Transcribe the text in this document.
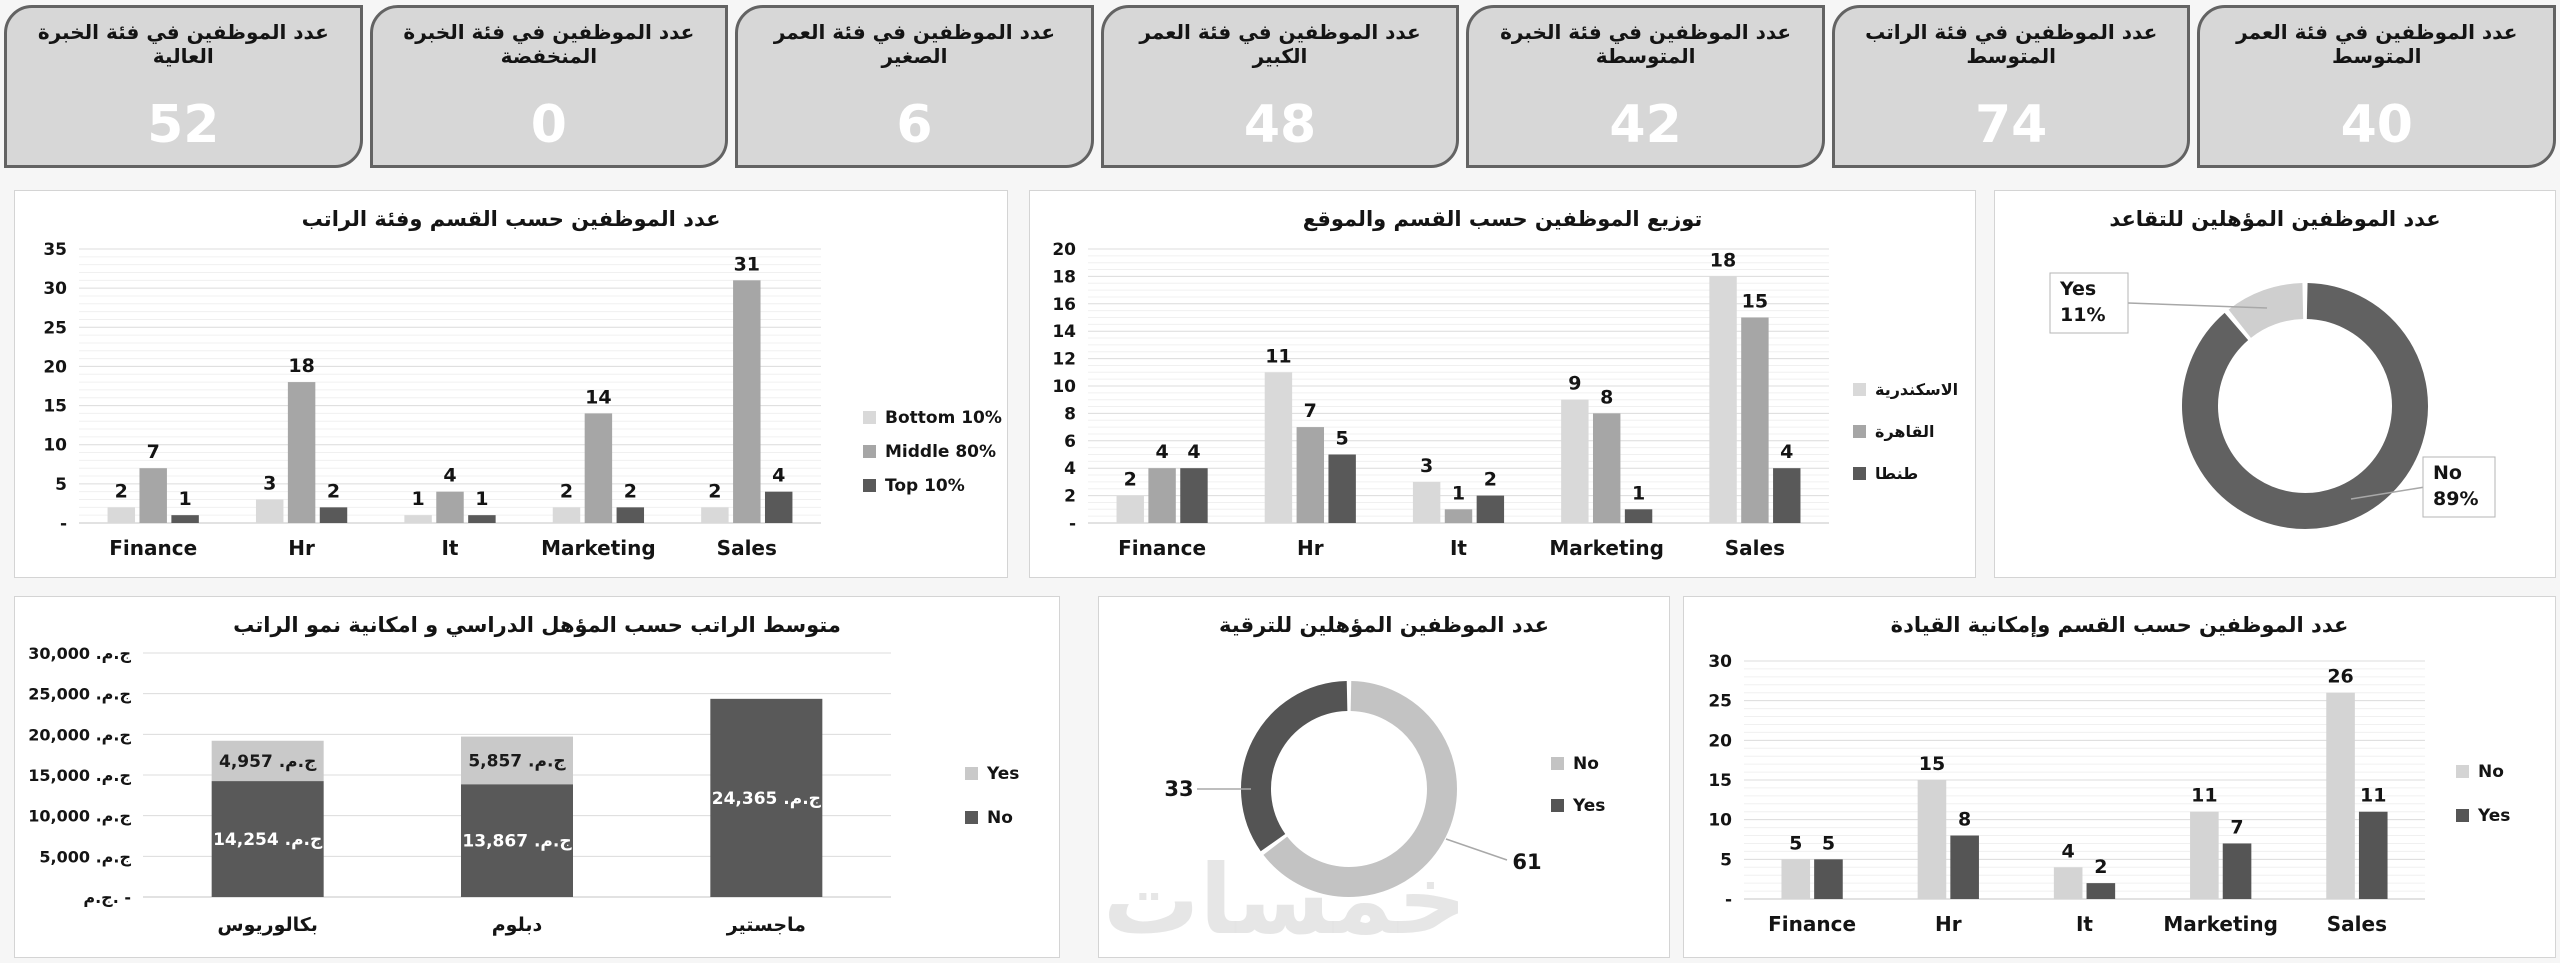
عدد الموظفين في فئة الخبرة العالية
52
عدد الموظفين في فئة الخبرة المنخفضة
0
عدد الموظفين في فئة العمر الصغير
6
عدد الموظفين في فئة العمر الكبير
48
عدد الموظفين في فئة الخبرة المتوسطة
42
عدد الموظفين في فئة الراتب المتوسط
74
عدد الموظفين في فئة العمر المتوسط
40
عدد الموظفين حسب القسم وفئة الراتب
-
5
10
15
20
25
30
35
2
7
1
Finance
3
18
2
Hr
1
4
1
It
2
14
2
Marketing
2
31
4
Sales
Bottom 10%
Middle 80%
Top 10%
توزيع الموظفين حسب القسم والموقع
-
2
4
6
8
10
12
14
16
18
20
2
4 4
Finance
11
7
5
Hr
3
1
2
It
9
8
1
Marketing
18
15
4
Sales
الاسكندرية
القاهرة
طنطا
عدد الموظفين المؤهلين للتقاعد
Yes
11%
No
89%
متوسط الراتب حسب المؤهل الدراسي و امكانية نمو الراتب
ج.م. -
ج.م. 5,000
ج.م. 10,000
ج.م. 15,000
ج.م. 20,000
ج.م. 25,000
ج.م. 30,000
ج.م. 14,254
ج.م. 4,957
بكالوريوس
ج.م. 13,867
ج.م. 5,857
دبلوم
ج.م. 24,365
ماجستير
Yes
No
عدد الموظفين المؤهلين للترقية
33
61
No
Yes
عدد الموظفين حسب القسم وإمكانية القيادة
-
5
10
15
20
25
30
5 5
Finance
15
8
Hr
4
2
It
11
7
Marketing
26
11
Sales
No
Yes
خمسات
